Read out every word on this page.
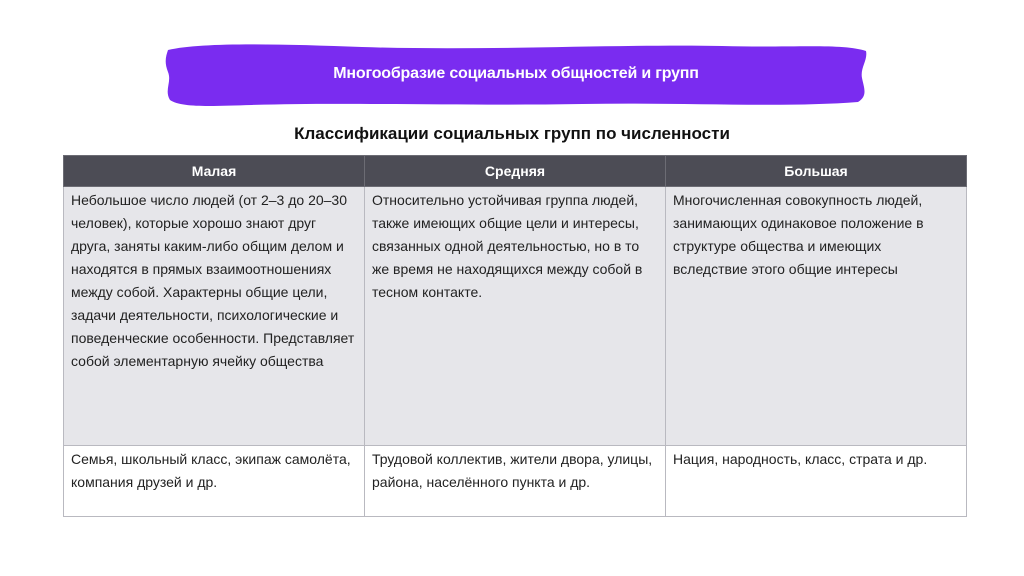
Многообразие социальных общностей и групп
Классификации социальных групп по численности
Малая	Средняя	Большая
Небольшое число людей (от 2–3 до 20–30 человек), которые хорошо знают друг друга, заняты каким-либо общим делом и находятся в прямых взаимоотношениях между собой. Характерны общие цели, задачи деятельности, психологические и поведенческие особенности. Представляет собой элементарную ячейку общества	Относительно устойчивая группа людей, также имеющих общие цели и интересы, связанных одной деятельностью, но в то же время не находящихся между собой в тесном контакте.	Многочисленная совокупность людей, занимающих одинаковое положение в структуре общества и имеющих вследствие этого общие интересы
Семья, школьный класс, экипаж самолёта, компания друзей и др.	Трудовой коллектив, жители двора, улицы, района, населённого пункта и др.	Нация, народность, класс, страта и др.
